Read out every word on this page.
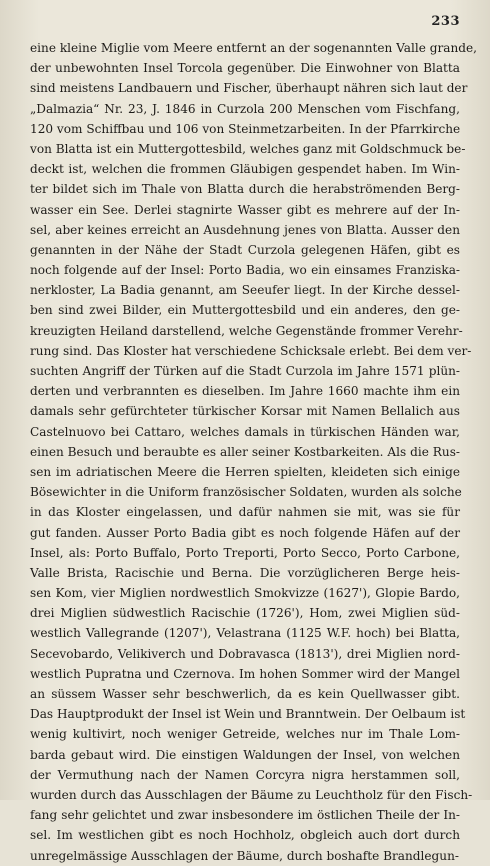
233
eine kleine Miglie vom Meere entfernt an der sogenannten Valle grande,
der unbewohnten Insel Torcola gegenüber. Die Einwohner von Blatta
sind meistens Landbauern und Fischer, überhaupt nähren sich laut der
„Dalmazia“ Nr. 23, J. 1846 in Curzola 200 Menschen vom Fischfang,
120 vom Schiffbau und 106 von Steinmetzarbeiten. In der Pfarrkirche
von Blatta ist ein Muttergottesbild, welches ganz mit Goldschmuck be-
deckt ist, welchen die frommen Gläubigen gespendet haben. Im Win-
ter bildet sich im Thale von Blatta durch die herabströmenden Berg-
wasser ein See. Derlei stagnirte Wasser gibt es mehrere auf der In-
sel, aber keines erreicht an Ausdehnung jenes von Blatta. Ausser den
genannten in der Nähe der Stadt Curzola gelegenen Häfen, gibt es
noch folgende auf der Insel: Porto Badia, wo ein einsames Franziska-
nerkloster, La Badia genannt, am Seeufer liegt. In der Kirche dessel-
ben sind zwei Bilder, ein Muttergottesbild und ein anderes, den ge-
kreuzigten Heiland darstellend, welche Gegenstände frommer Verehr-
rung sind. Das Kloster hat verschiedene Schicksale erlebt. Bei dem ver-
suchten Angriff der Türken auf die Stadt Curzola im Jahre 1571 plün-
derten und verbrannten es dieselben. Im Jahre 1660 machte ihm ein
damals sehr gefürchteter türkischer Korsar mit Namen Bellalich aus
Castelnuovo bei Cattaro, welches damals in türkischen Händen war,
einen Besuch und beraubte es aller seiner Kostbarkeiten. Als die Rus-
sen im adriatischen Meere die Herren spielten, kleideten sich einige
Bösewichter in die Uniform französischer Soldaten, wurden als solche
in das Kloster eingelassen, und dafür nahmen sie mit, was sie für
gut fanden. Ausser Porto Badia gibt es noch folgende Häfen auf der
Insel, als: Porto Buffalo, Porto Treporti, Porto Secco, Porto Carbone,
Valle Brista, Racischie und Berna. Die vorzüglicheren Berge heis-
sen Kom, vier Miglien nordwestlich Smokvizze (1627'), Glopie Bardo,
drei Miglien südwestlich Racischie (1726'), Hom, zwei Miglien süd-
westlich Vallegrande (1207'), Velastrana (1125 W.F. hoch) bei Blatta,
Secevobardo, Velikiverch und Dobravasca (1813'), drei Miglien nord-
westlich Pupratna und Czernova. Im hohen Sommer wird der Mangel
an süssem Wasser sehr beschwerlich, da es kein Quellwasser gibt.
Das Hauptprodukt der Insel ist Wein und Branntwein. Der Oelbaum ist
wenig kultivirt, noch weniger Getreide, welches nur im Thale Lom-
barda gebaut wird. Die einstigen Waldungen der Insel, von welchen
der Vermuthung nach der Namen Corcyra nigra herstammen soll,
wurden durch das Ausschlagen der Bäume zu Leuchtholz für den Fisch-
fang sehr gelichtet und zwar insbesondere im östlichen Theile der In-
sel. Im westlichen gibt es noch Hochholz, obgleich auch dort durch
unregelmässige Ausschlagen der Bäume, durch boshafte Brandlegun-
